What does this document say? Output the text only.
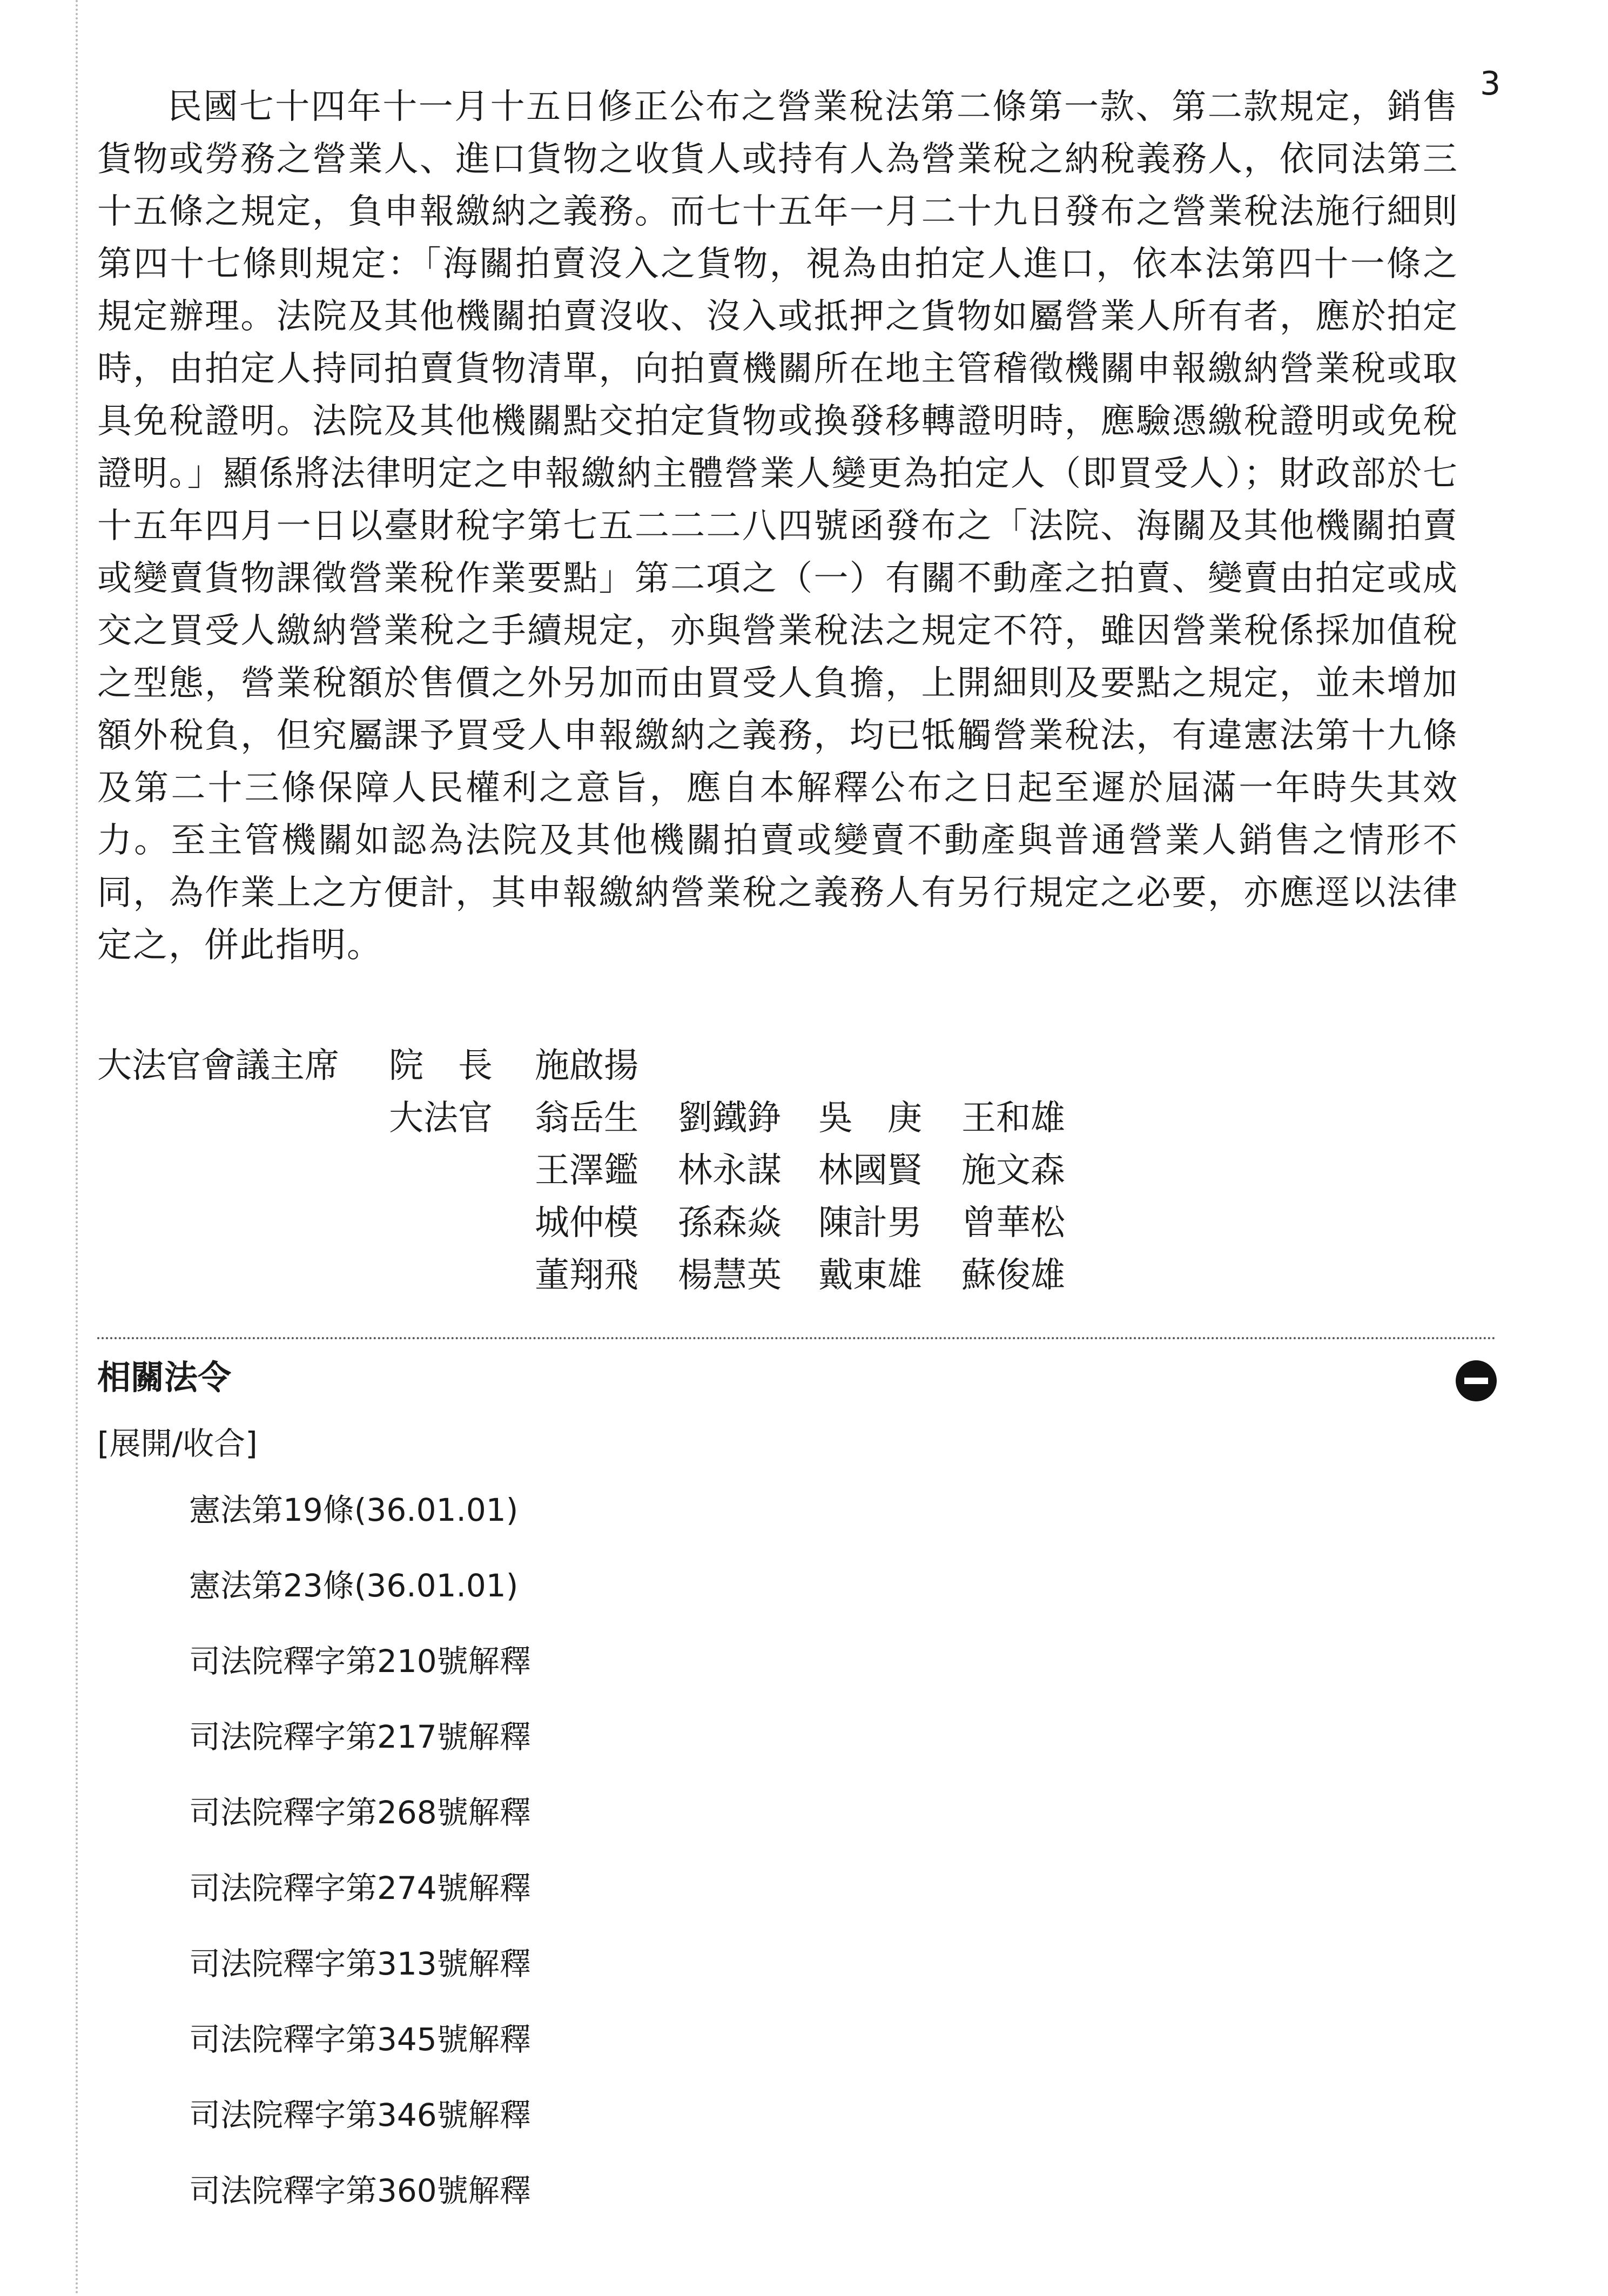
3

民國七十四年十一月十五日修正公布之營業稅法第二條第一款、第二款規定，銷售貨物或勞務之營業人、進口貨物之收貨人或持有人為營業稅之納稅義務人，依同法第三十五條之規定，負申報繳納之義務。而七十五年一月二十九日發布之營業稅法施行細則第四十七條則規定：「海關拍賣沒入之貨物，視為由拍定人進口，依本法第四十一條之規定辦理。法院及其他機關拍賣沒收、沒入或抵押之貨物如屬營業人所有者，應於拍定時，由拍定人持同拍賣貨物清單，向拍賣機關所在地主管稽徵機關申報繳納營業稅或取具免稅證明。法院及其他機關點交拍定貨物或換發移轉證明時，應驗憑繳稅證明或免稅證明。」顯係將法律明定之申報繳納主體營業人變更為拍定人（即買受人）；財政部於七十五年四月一日以臺財稅字第七五二二二八四號函發布之「法院、海關及其他機關拍賣或變賣貨物課徵營業稅作業要點」第二項之（一）有關不動產之拍賣、變賣由拍定或成交之買受人繳納營業稅之手續規定，亦與營業稅法之規定不符，雖因營業稅係採加值稅之型態，營業稅額於售價之外另加而由買受人負擔，上開細則及要點之規定，並未增加額外稅負，但究屬課予買受人申報繳納之義務，均已牴觸營業稅法，有違憲法第十九條及第二十三條保障人民權利之意旨，應自本解釋公布之日起至遲於屆滿一年時失其效力。至主管機關如認為法院及其他機關拍賣或變賣不動產與普通營業人銷售之情形不同，為作業上之方便計，其申報繳納營業稅之義務人有另行規定之必要，亦應逕以法律定之，併此指明。

大法官會議主席 院　長 施啟揚
大法官 翁岳生 劉鐵錚 吳　庚 王和雄
王澤鑑 林永謀 林國賢 施文森
城仲模 孫森焱 陳計男 曾華松
董翔飛 楊慧英 戴東雄 蘇俊雄
相關法令
[展開/收合]
憲法第19條(36.01.01)
憲法第23條(36.01.01)
司法院釋字第210號解釋
司法院釋字第217號解釋
司法院釋字第268號解釋
司法院釋字第274號解釋
司法院釋字第313號解釋
司法院釋字第345號解釋
司法院釋字第346號解釋
司法院釋字第360號解釋
